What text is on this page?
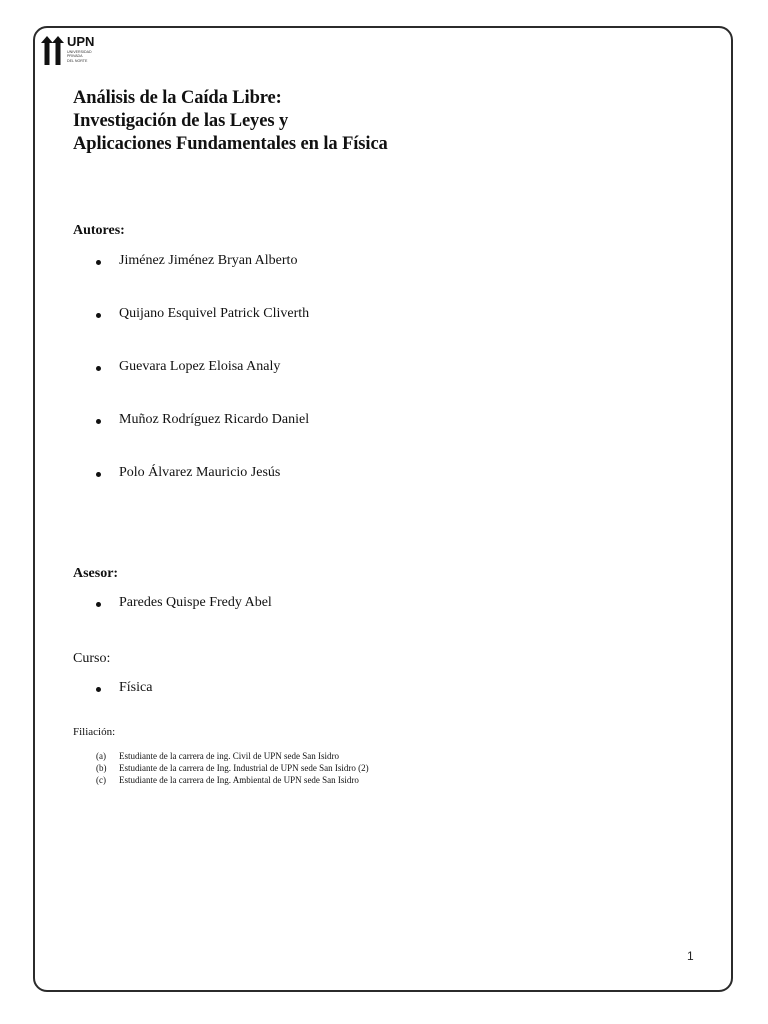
UPN
UNIVERSIDAD
PRIVADA
DEL NORTE
Análisis de la Caída Libre:
Investigación de las Leyes y
Aplicaciones Fundamentales en la Física
Autores:
Jiménez Jiménez Bryan Alberto
Quijano Esquivel Patrick Cliverth
Guevara Lopez Eloisa Analy
Muñoz Rodríguez Ricardo Daniel
Polo Álvarez Mauricio Jesús
Asesor:
Paredes Quispe Fredy Abel
Curso:
Física
Filiación:
(a)	Estudiante de la carrera de ing. Civil de UPN sede San Isidro
(b)	Estudiante de la carrera de Ing. Industrial de UPN sede San Isidro (2)
(c)	Estudiante de la carrera de Ing. Ambiental de UPN sede San Isidro
1
